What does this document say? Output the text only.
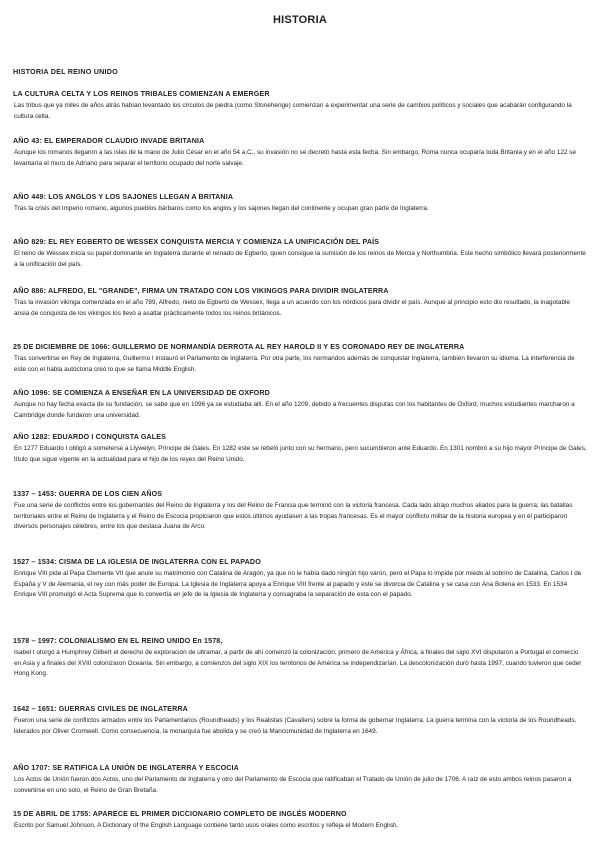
HISTORIA
HISTORIA DEL REINO UNIDO
LA CULTURA CELTA Y LOS REINOS TRIBALES COMIENZAN A EMERGER

Las tribus que ya miles de años atrás habían levantado los círculos de piedra (como Stonehenge) comienzan a experimentar una serie de cambios políticos y sociales que acabarán configurando la cultura celta.

AÑO 43: EL EMPERADOR CLAUDIO INVADE BRITANIA

Aunque los romanos llegaron a las islas de la mano de Julio César en el año 54 a.C., su invasión no se decretó hasta esta fecha. Sin embargo, Roma nunca ocuparía toda Britania y en el año 122 se levantaría el muro de Adriano para separar el territorio ocupado del norte salvaje.

AÑO 449: LOS ANGLOS Y LOS SAJONES LLEGAN A BRITANIA

Tras la crisis del Imperio romano, algunos pueblos bárbaros como los anglos y los sajones llegan del continente y ocupan gran parte de Inglaterra.

AÑO 829: EL REY EGBERTO DE WESSEX CONQUISTA MERCIA Y COMIENZA LA UNIFICACIÓN DEL PAÍS

El reino de Wessex inicia su papel dominante en Inglaterra durante el reinado de Egberto, quien consigue la sumisión de los reinos de Mercia y Northumbria. Este hecho simbólico llevará posteriormente a la unificación del país.

AÑO 886: ALFREDO, EL "GRANDE", FIRMA UN TRATADO CON LOS VIKINGOS PARA DIVIDIR INGLATERRA

Tras la invasión vikinga comenzada en el año 789, Alfredo, nieto de Egberto de Wessex, llega a un acuerdo con los nórdicos para dividir el país. Aunque al principio esto dio resultado, la inagotable ansia de conquista de los vikingos los llevó a asaltar prácticamente todos los reinos británicos.

25 DE DICIEMBRE DE 1066: GUILLERMO DE NORMANDÍA DERROTA AL REY HAROLD II Y ES CORONADO REY DE INGLATERRA

Tras convertirse en Rey de Inglaterra, Guillermo I instauró el Parlamento de Inglaterra. Por otra parte, los normandos además de conquistar Inglaterra, también llevaron su idioma. La interferencia de este con el habla autóctona creó lo que se llama Middle English.

AÑO 1096: SE COMIENZA A ENSEÑAR EN LA UNIVERSIDAD DE OXFORD

Aunque no hay fecha exacta de su fundación, se sabe que en 1096 ya se estudiaba allí. En el año 1209, debido a frecuentes disputas con los habitantes de Oxford, muchos estudiantes marcharon a Cambridge donde fundaron una universidad.

AÑO 1282: EDUARDO I CONQUISTA GALES

En 1277 Eduardo I obligó a someterse a Llywelyn, Príncipe de Gales. En 1282 este se rebeló junto con su hermano, pero sucumbieron ante Eduardo. En 1301 nombró a su hijo mayor Príncipe de Gales, título que sigue vigente en la actualidad para el hijo de los reyes del Reino Unido.

1337 – 1453: GUERRA DE LOS CIEN AÑOS

Fue una serie de conflictos entre los gobernantes del Reino de Inglaterra y los del Reino de Francia que terminó con la victoria francesa. Cada lado atrajo muchos aliados para la guerra; las batallas territoriales entre el Reino de Inglaterra y el Reino de Escocia propiciaron que estos últimos ayudasen a las tropas francesas. Es el mayor conflicto militar de la historia europea y en él participaron diversos personajes célebres, entre los que destaca Juana de Arco.

1527 – 1534: CISMA DE LA IGLESIA DE INGLATERRA CON EL PAPADO

Enrique VIII pide al Papa Clemente VII que anule su matrimonio con Catalina de Aragón, ya que no le había dado ningún hijo varón, pero el Papa lo impide por miedo al sobrino de Catalina, Carlos I de España y V de Alemania, el rey con más poder de Europa. La Iglesia de Inglaterra apoya a Enrique VIII frente al papado y este se divorcia de Catalina y se casa con Ana Bolena en 1533. En 1534 Enrique VIII promulgó el Acta Suprema que lo convertía en jefe de la Iglesia de Inglaterra y consagraba la separación de esta con el papado.

1578 – 1997: COLONIALISMO EN EL REINO UNIDO En 1578,

Isabel I otorgó a Humphrey Gilbert el derecho de exploración de ultramar, a partir de ahí comenzó la colonización: primero de América y África, a finales del siglo XVI disputaron a Portugal el comercio en Asia y a finales del XVIII colonizaron Oceanía. Sin embargo, a comienzos del siglo XIX los territorios de América se independizarían. La descolonización duró hasta 1997, cuando tuvieron que ceder Hong Kong.

1642 – 1651: GUERRAS CIVILES DE INGLATERRA

Fueron una serie de conflictos armados entre los Parlamentarios (Roundheads) y los Realistas (Cavaliers) sobre la forma de gobernar Inglaterra. La guerra termina con la victoria de los Roundheads, liderados por Oliver Cromwell. Como consecuencia, la monarquía fue abolida y se creó la Mancomunidad de Inglaterra en 1649.

AÑO 1707: SE RATIFICA LA UNIÓN DE INGLATERRA Y ESCOCIA

Los Actos de Unión fueron dos Actos, uno del Parlamento de Inglaterra y otro del Parlamento de Escocia que ratificaban el Tratado de Unión de julio de 1706. A raíz de esto ambos reinos pasaron a convertirse en uno solo, el Reino de Gran Bretaña.

15 DE ABRIL DE 1755: APARECE EL PRIMER DICCIONARIO COMPLETO DE INGLÉS MODERNO

Escrito por Samuel Johnson, A Dictionary of the English Language contiene tanto usos orales como escritos y refleja el Modern English.
